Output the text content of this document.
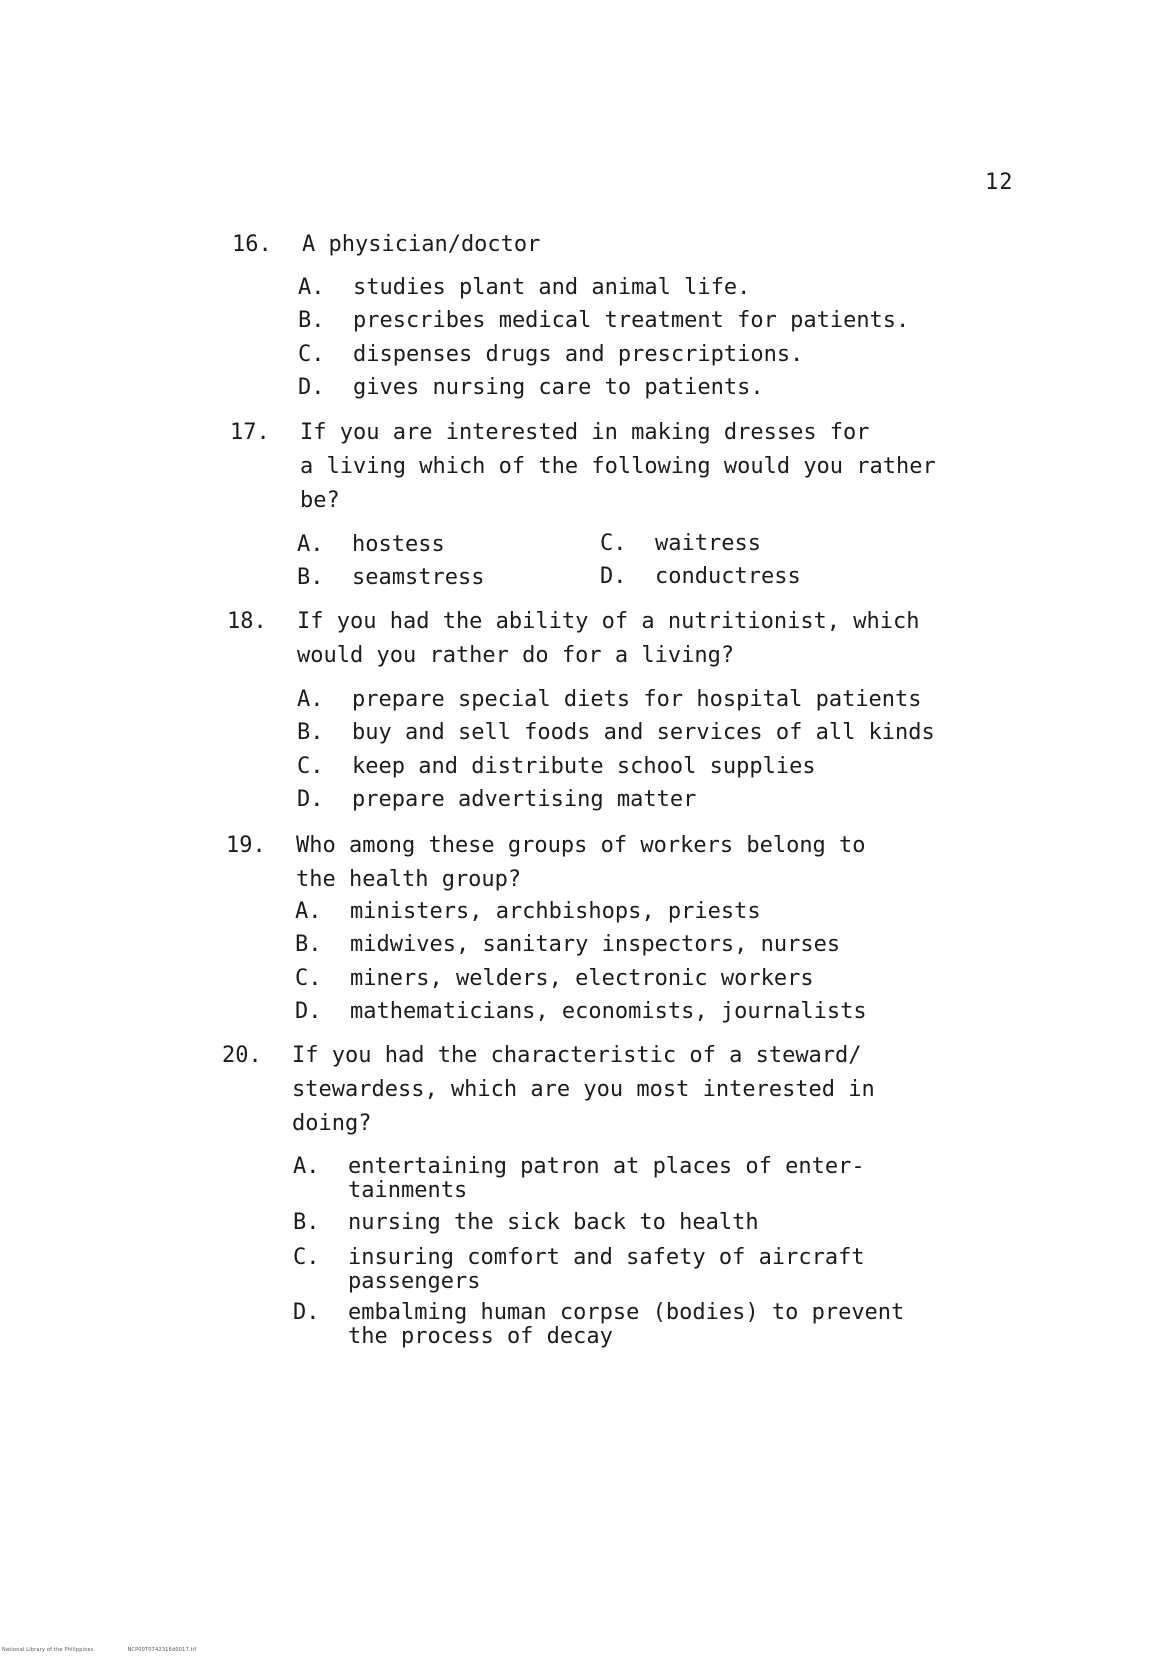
12
16.	A physician/doctor
A.	studies plant and animal life.
B.	prescribes medical treatment for patients.
C.	dispenses drugs and prescriptions.
D.	gives nursing care to patients.
17.	If you are interested in making dresses for
a living which of the following would you rather
be?
A.	hostess
B.	seamstress
C.	waitress
D.	conductress
18.	If you had the ability of a nutritionist, which
would you rather do for a living?
A.	prepare special diets for hospital patients
B.	buy and sell foods and services of all kinds
C.	keep and distribute school supplies
D.	prepare advertising matter
19.	Who among these groups of workers belong to
the health group?
A.	ministers, archbishops, priests
B.	midwives, sanitary inspectors, nurses
C.	miners, welders, electronic workers
D.	mathematicians, economists, journalists
20.	If you had the characteristic of a steward/
stewardess, which are you most interested in
doing?
A.	entertaining patron at places of enter-
tainments
B.	nursing the sick back to health
C.	insuring comfort and safety of aircraft
passengers
D.	embalming human corpse (bodies) to prevent
the process of decay
National Library of the Philippines	NCP00T0742316d0017.tif
